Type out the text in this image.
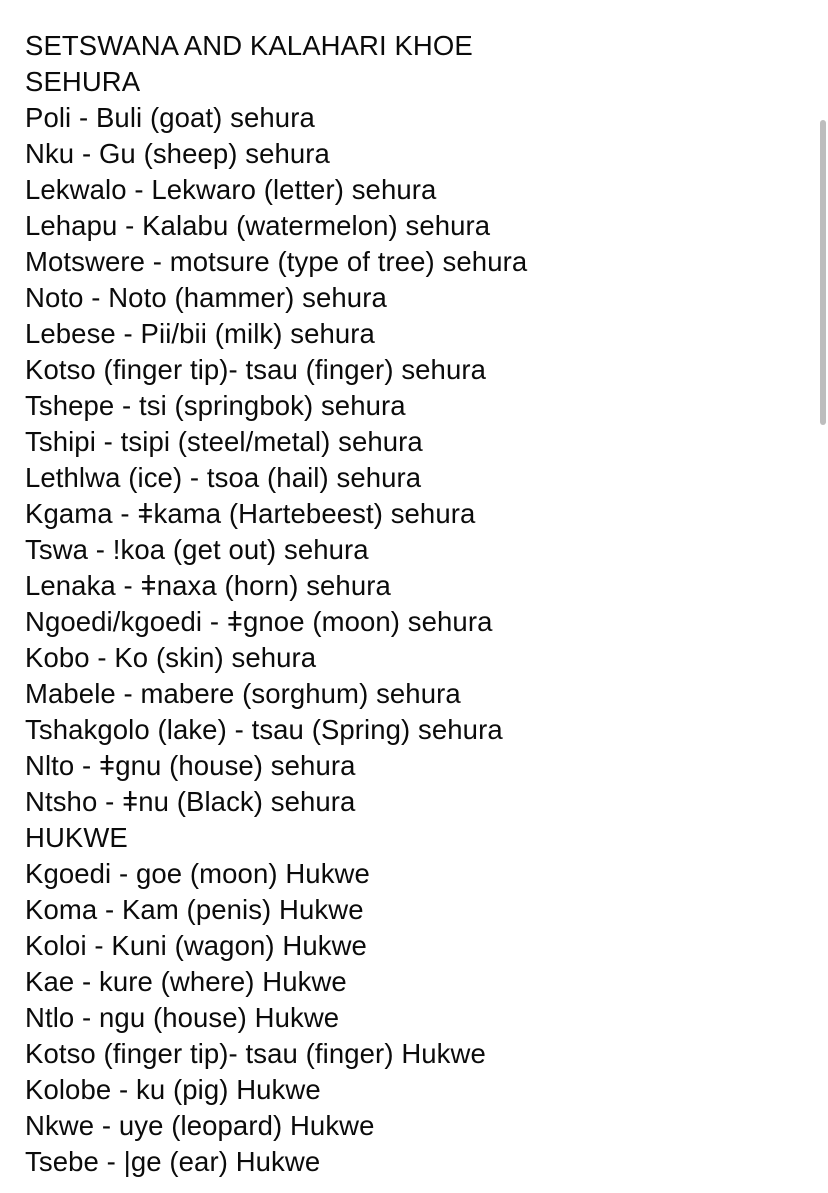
SETSWANA AND KALAHARI KHOE
SEHURA
Poli - Buli (goat) sehura
Nku - Gu (sheep) sehura
Lekwalo - Lekwaro (letter) sehura
Lehapu - Kalabu (watermelon) sehura
Motswere - motsure (type of tree) sehura
Noto - Noto (hammer) sehura
Lebese - Pii/bii (milk) sehura
Kotso (finger tip)- tsau (finger) sehura
Tshepe - tsi (springbok) sehura
Tshipi - tsipi (steel/metal) sehura
Lethlwa (ice) - tsoa (hail) sehura
Kgama - ǂkama (Hartebeest) sehura
Tswa - !koa (get out) sehura
Lenaka - ǂnaxa (horn) sehura
Ngoedi/kgoedi - ǂgnoe (moon) sehura
Kobo - Ko (skin) sehura
Mabele - mabere (sorghum) sehura
Tshakgolo (lake) - tsau (Spring) sehura
Nlto - ǂgnu (house) sehura
Ntsho - ǂnu (Black) sehura
HUKWE
Kgoedi - goe (moon) Hukwe
Koma - Kam (penis) Hukwe
Koloi - Kuni (wagon) Hukwe
Kae - kure (where) Hukwe
Ntlo - ngu (house) Hukwe
Kotso (finger tip)- tsau (finger) Hukwe
Kolobe - ku (pig) Hukwe
Nkwe - uye (leopard) Hukwe
Tsebe - |ge (ear) Hukwe
